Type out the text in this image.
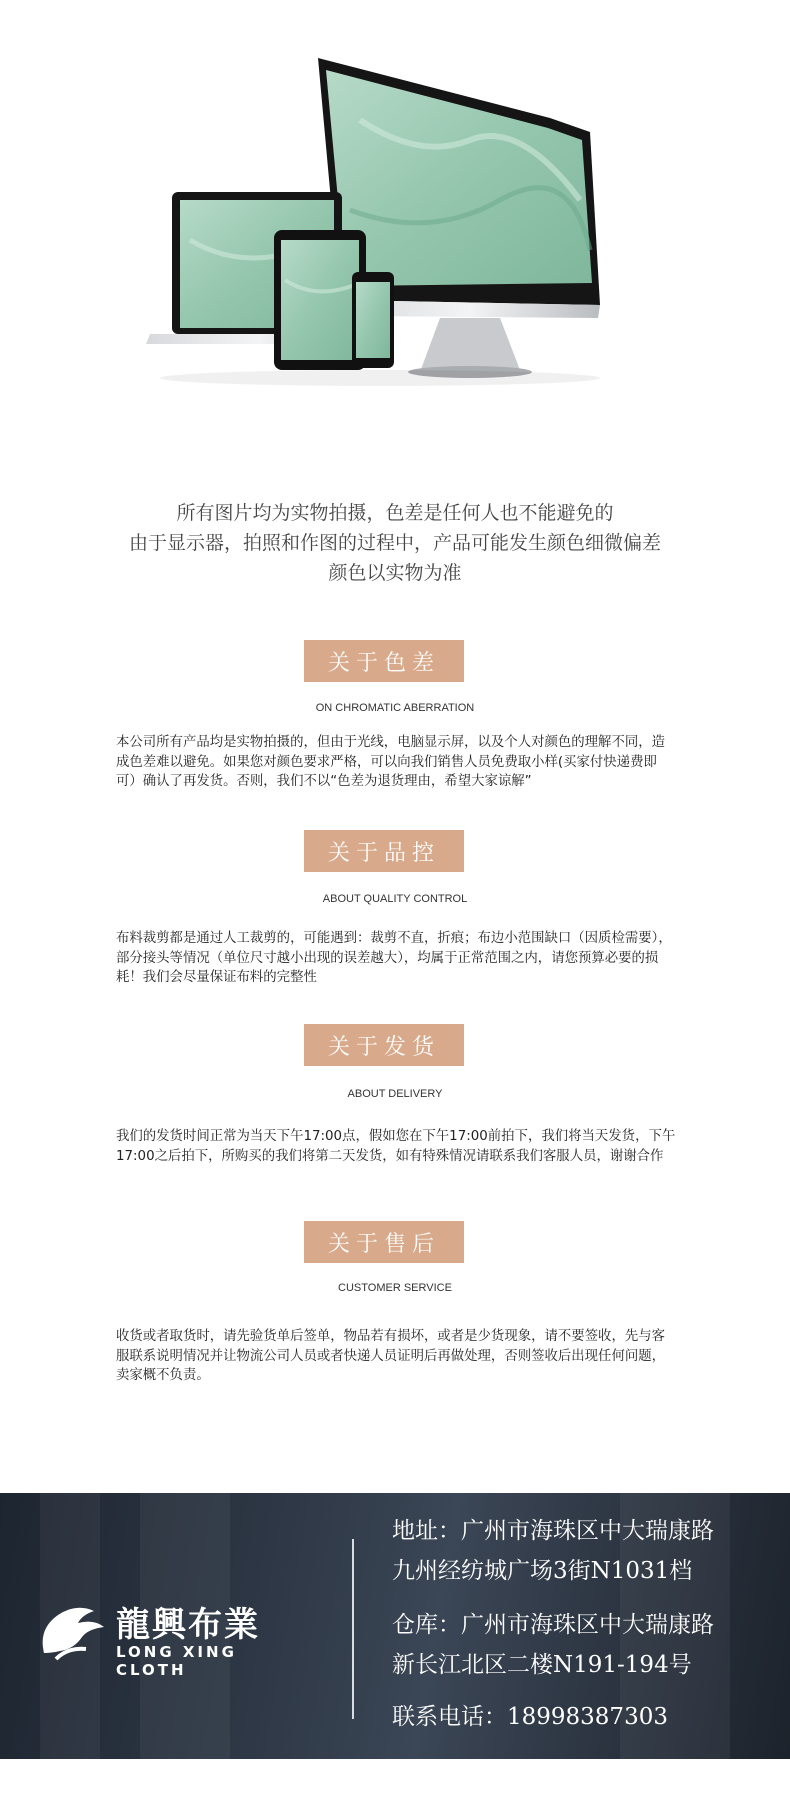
所有图片均为实物拍摄，色差是任何人也不能避免的
由于显示器，拍照和作图的过程中，产品可能发生颜色细微偏差
颜色以实物为准
关于色差
ON CHROMATIC ABERRATION
本公司所有产品均是实物拍摄的，但由于光线，电脑显示屏，以及个人对颜色的理解不同，造成色差难以避免。如果您对颜色要求严格，可以向我们销售人员免费取小样(买家付快递费即可）确认了再发货。否则，我们不以“色差为退货理由，希望大家谅解”
关于品控
ABOUT QUALITY CONTROL
布料裁剪都是通过人工裁剪的，可能遇到：裁剪不直，折痕；布边小范围缺口（因质检需要），部分接头等情况（单位尺寸越小出现的误差越大），均属于正常范围之内，请您预算必要的损耗！我们会尽量保证布料的完整性
关于发货
ABOUT DELIVERY
我们的发货时间正常为当天下午17:00点，假如您在下午17:00前拍下，我们将当天发货，下午17:00之后拍下，所购买的我们将第二天发货，如有特殊情况请联系我们客服人员，谢谢合作
关于售后
CUSTOMER SERVICE
收货或者取货时，请先验货单后签单，物品若有损坏，或者是少货现象，请不要签收，先与客服联系说明情况并让物流公司人员或者快递人员证明后再做处理，否则签收后出现任何问题，卖家概不负责。
龍興布業
LONG XING CLOTH
地址：广州市海珠区中大瑞康路
九州经纺城广场3街N1031档
仓库：广州市海珠区中大瑞康路
新长江北区二楼N191-194号
联系电话：18998387303
